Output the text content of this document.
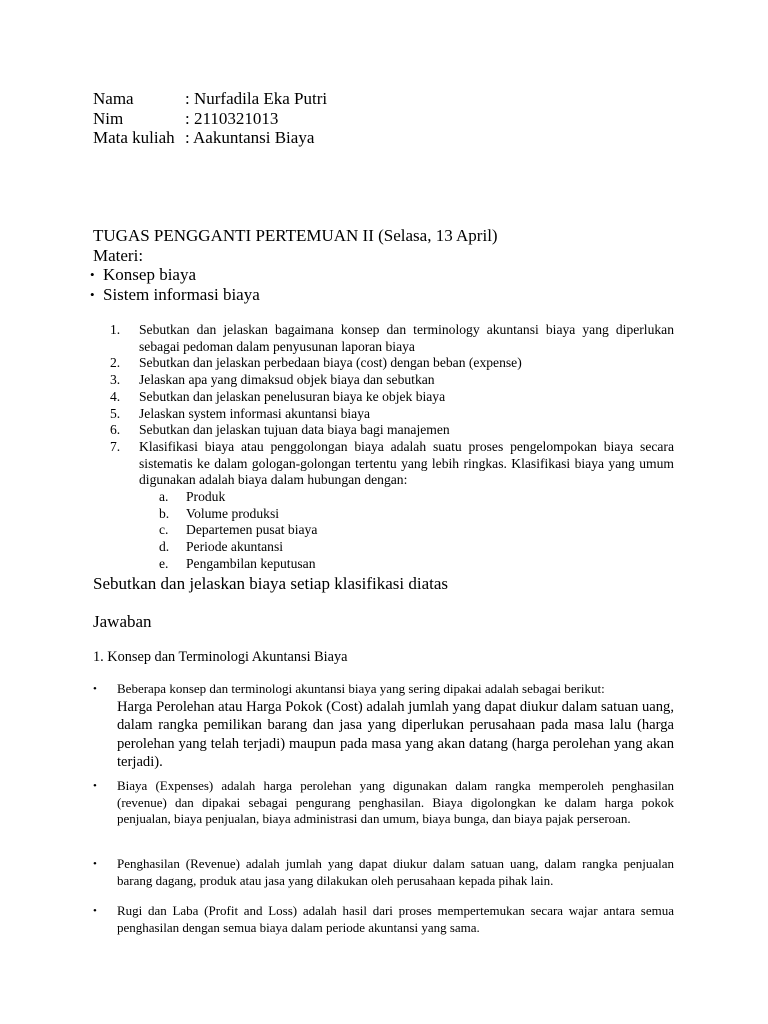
Nama	: Nurfadila Eka Putri
Nim	: 2110321013
Mata kuliah : Aakuntansi Biaya
TUGAS PENGGANTI PERTEMUAN II (Selasa, 13 April)
Materi:
• Konsep biaya
• Sistem informasi biaya
1.	Sebutkan dan jelaskan bagaimana konsep dan terminology akuntansi biaya yang diperlukan sebagai pedoman dalam penyusunan laporan biaya
2.	Sebutkan dan jelaskan perbedaan biaya (cost) dengan beban (expense)
3.	Jelaskan apa yang dimaksud objek biaya dan sebutkan
4.	Sebutkan dan jelaskan penelusuran biaya ke objek biaya
5.	Jelaskan system informasi akuntansi biaya
6.	Sebutkan dan jelaskan tujuan data biaya bagi manajemen
7.	Klasifikasi biaya atau penggolongan biaya adalah suatu proses pengelompokan biaya secara sistematis ke dalam gologan-golongan tertentu yang lebih ringkas. Klasifikasi biaya yang umum digunakan adalah biaya dalam hubungan dengan:
a.	Produk
b.	Volume produksi
c.	Departemen pusat biaya
d.	Periode akuntansi
e.	Pengambilan keputusan
Sebutkan dan jelaskan biaya setiap klasifikasi diatas
Jawaban
1. Konsep dan Terminologi Akuntansi Biaya
•	Beberapa konsep dan terminologi akuntansi biaya yang sering dipakai adalah sebagai berikut:
Harga Perolehan atau Harga Pokok (Cost) adalah jumlah yang dapat diukur dalam satuan uang, dalam rangka pemilikan barang dan jasa yang diperlukan perusahaan pada masa lalu (harga perolehan yang telah terjadi) maupun pada masa yang akan datang (harga perolehan yang akan terjadi).
•	Biaya (Expenses) adalah harga perolehan yang digunakan dalam rangka memperoleh penghasilan (revenue) dan dipakai sebagai pengurang penghasilan. Biaya digolongkan ke dalam harga pokok penjualan, biaya penjualan, biaya administrasi dan umum, biaya bunga, dan biaya pajak perseroan.
•	Penghasilan (Revenue) adalah jumlah yang dapat diukur dalam satuan uang, dalam rangka penjualan barang dagang, produk atau jasa yang dilakukan oleh perusahaan kepada pihak lain.
•	Rugi dan Laba (Profit and Loss) adalah hasil dari proses mempertemukan secara wajar antara semua penghasilan dengan semua biaya dalam periode akuntansi yang sama.
